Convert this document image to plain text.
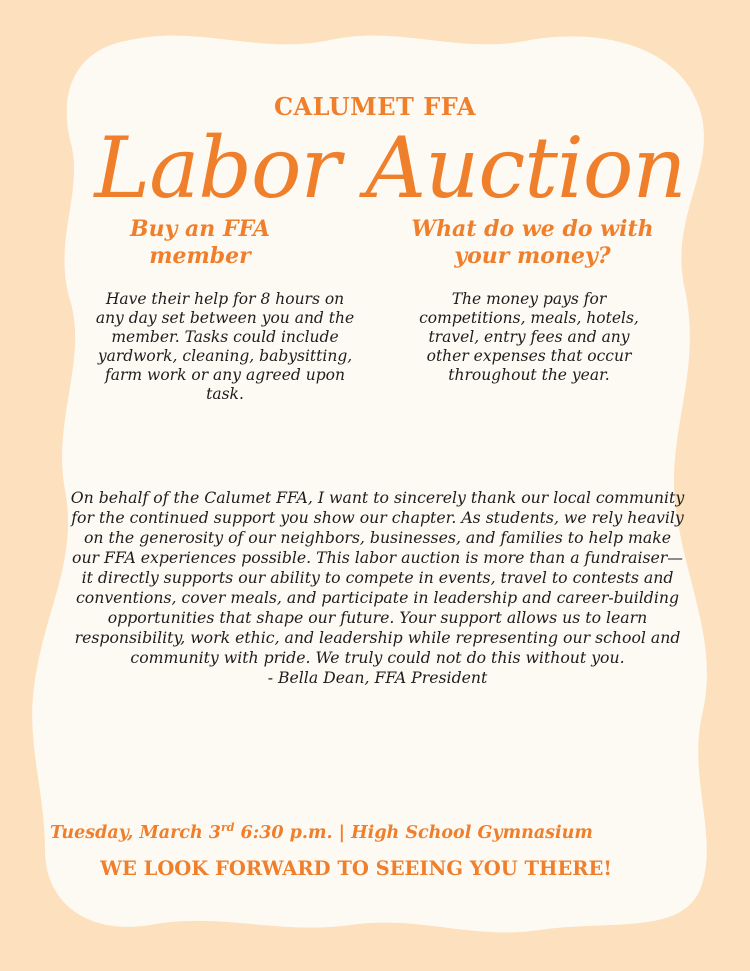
CALUMET FFA
Labor Auction
Buy an FFA member
What do we do with your money?
Have their help for 8 hours on any day set between you and the member. Tasks could include yardwork, cleaning, babysitting, farm work or any agreed upon task.
The money pays for competitions, meals, hotels, travel, entry fees and any other expenses that occur throughout the year.

On behalf of the Calumet FFA, I want to sincerely thank our local community for the continued support you show our chapter. As students, we rely heavily on the generosity of our neighbors, businesses, and families to help make our FFA experiences possible. This labor auction is more than a fundraiser—it directly supports our ability to compete in events, travel to contests and conventions, cover meals, and participate in leadership and career-building opportunities that shape our future. Your support allows us to learn responsibility, work ethic, and leadership while representing our school and community with pride. We truly could not do this without you.

- Bella Dean, FFA President

Tuesday, March 3rd 6:30 p.m. | High School Gymnasium
WE LOOK FORWARD TO SEEING YOU THERE!
